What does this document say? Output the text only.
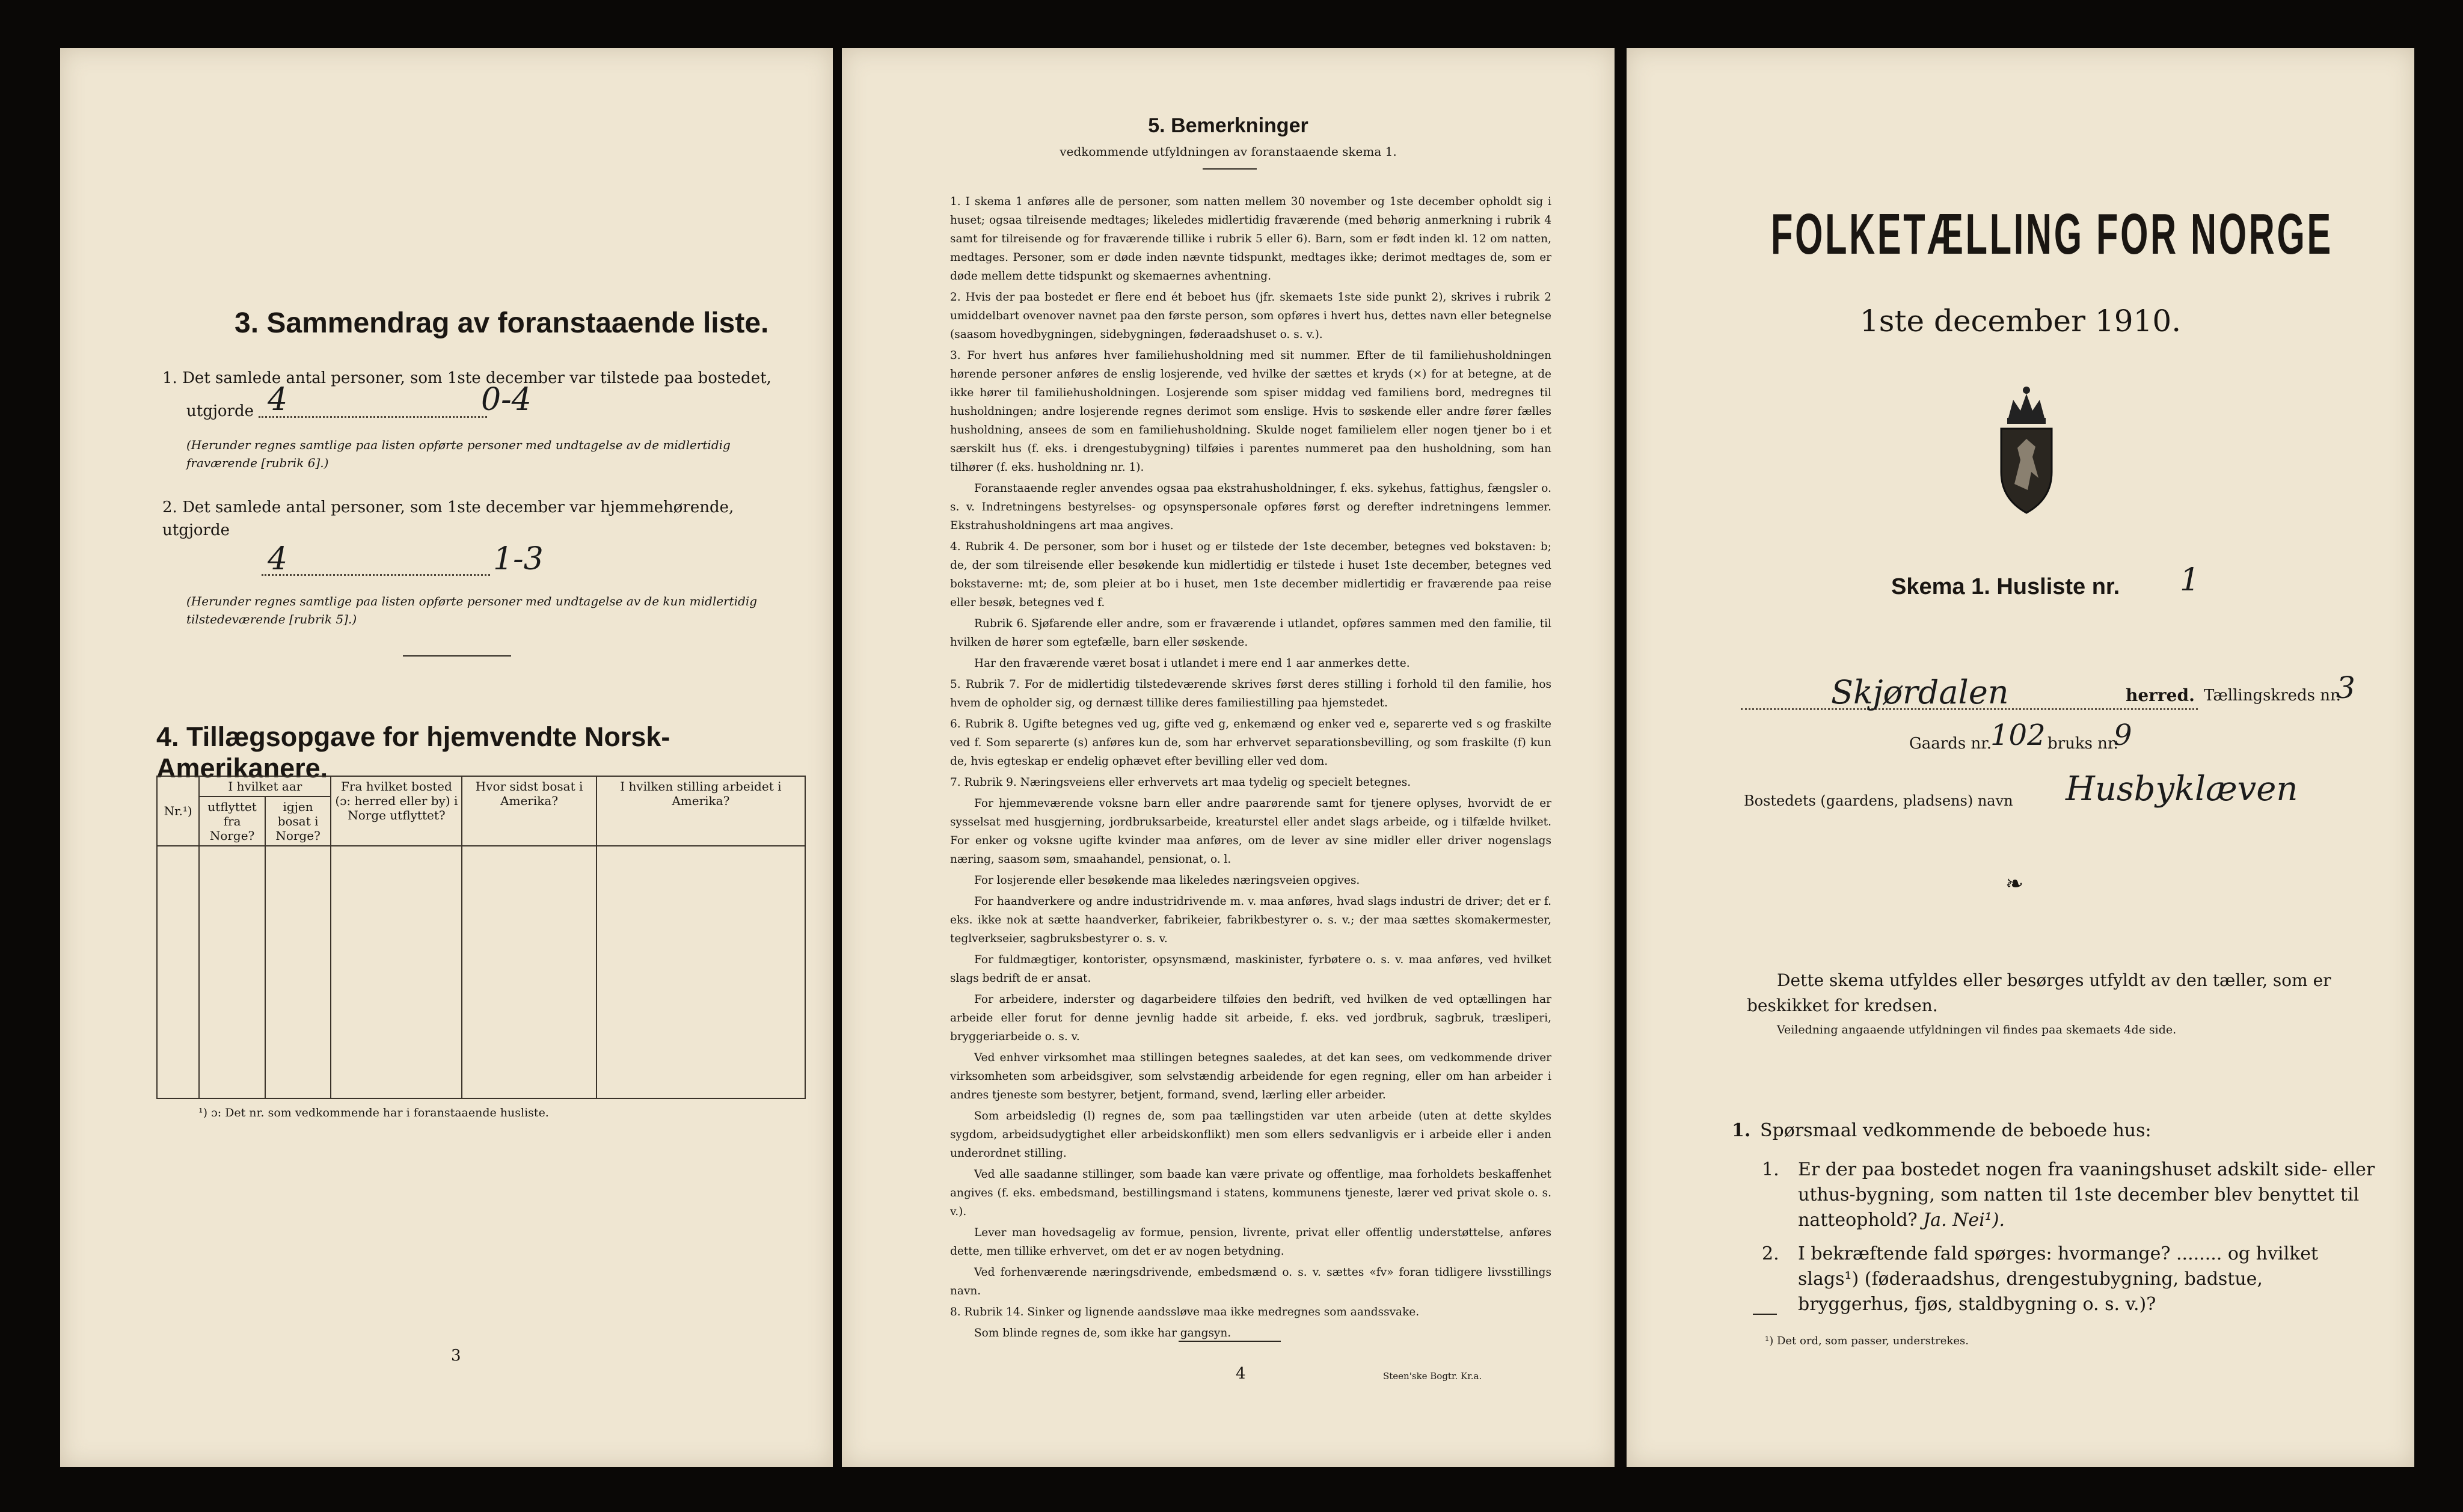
3. Sammendrag av foranstaaende liste.
1. Det samlede antal personer, som 1ste december var tilstede paa bostedet,
utgjorde 4	0-4
(Herunder regnes samtlige paa listen opførte personer med undtagelse av de midlertidig fraværende [rubrik 6].)
2. Det samlede antal personer, som 1ste december var hjemmehørende, utgjorde
4	1-3
(Herunder regnes samtlige paa listen opførte personer med undtagelse av de kun midlertidig tilstedeværende [rubrik 5].)
4. Tillægsopgave for hjemvendte Norsk-Amerikanere.
Nr.¹)	I hvilket aar		Fra hvilket bosted (ɔ: herred eller by) i Norge utflyttet?	Hvor sidst bosat i Amerika?	I hvilken stilling arbeidet i Amerika?
	utflyttet fra Norge?	igjen bosat i Norge?			

¹) ɔ: Det nr. som vedkommende har i foranstaaende husliste.
3
5. Bemerkninger
vedkommende utfyldningen av foranstaaende skema 1.
1. I skema 1 anføres alle de personer, som natten mellem 30 november og 1ste december opholdt sig i huset; ogsaa tilreisende medtages; likeledes midlertidig fraværende (med behørig anmerkning i rubrik 4 samt for tilreisende og for fraværende tillike i rubrik 5 eller 6). Barn, som er født inden kl. 12 om natten, medtages. Personer, som er døde inden nævnte tidspunkt, medtages ikke; derimot medtages de, som er døde mellem dette tidspunkt og skemaernes avhentning.
2. Hvis der paa bostedet er flere end ét beboet hus (jfr. skemaets 1ste side punkt 2), skrives i rubrik 2 umiddelbart ovenover navnet paa den første person, som opføres i hvert hus, dettes navn eller betegnelse (saasom hovedbygningen, sidebygningen, føderaadshuset o. s. v.).
3. For hvert hus anføres hver familiehusholdning med sit nummer. Efter de til familiehusholdningen hørende personer anføres de enslig losjerende, ved hvilke der sættes et kryds (×) for at betegne, at de ikke hører til familiehusholdningen. Losjerende som spiser middag ved familiens bord, medregnes til husholdningen; andre losjerende regnes derimot som enslige. Hvis to søskende eller andre fører fælles husholdning, ansees de som en familiehusholdning. Skulde noget familielem eller nogen tjener bo i et særskilt hus (f. eks. i drengestubygning) tilføies i parentes nummeret paa den husholdning, som han tilhører (f. eks. husholdning nr. 1).
Foranstaaende regler anvendes ogsaa paa ekstrahusholdninger, f. eks. sykehus, fattighus, fængsler o. s. v. Indretningens bestyrelses- og opsynspersonale opføres først og derefter indretningens lemmer. Ekstrahusholdningens art maa angives.
4. Rubrik 4. De personer, som bor i huset og er tilstede der 1ste december, betegnes ved bokstaven: b; de, der som tilreisende eller besøkende kun midlertidig er tilstede i huset 1ste december, betegnes ved bokstaverne: mt; de, som pleier at bo i huset, men 1ste december midlertidig er fraværende paa reise eller besøk, betegnes ved f.
Rubrik 6. Sjøfarende eller andre, som er fraværende i utlandet, opføres sammen med den familie, til hvilken de hører som egtefælle, barn eller søskende.
Har den fraværende været bosat i utlandet i mere end 1 aar anmerkes dette.
5. Rubrik 7. For de midlertidig tilstedeværende skrives først deres stilling i forhold til den familie, hos hvem de opholder sig, og dernæst tillike deres familiestilling paa hjemstedet.
6. Rubrik 8. Ugifte betegnes ved ug, gifte ved g, enkemænd og enker ved e, separerte ved s og fraskilte ved f. Som separerte (s) anføres kun de, som har erhvervet separationsbevilling, og som fraskilte (f) kun de, hvis egteskap er endelig ophævet efter bevilling eller ved dom.
7. Rubrik 9. Næringsveiens eller erhvervets art maa tydelig og specielt betegnes.
For hjemmeværende voksne barn eller andre paarørende samt for tjenere oplyses, hvorvidt de er sysselsat med husgjerning, jordbruksarbeide, kreaturstel eller andet slags arbeide, og i tilfælde hvilket. For enker og voksne ugifte kvinder maa anføres, om de lever av sine midler eller driver nogenslags næring, saasom søm, smaahandel, pensionat, o. l.
For losjerende eller besøkende maa likeledes næringsveien opgives.
For haandverkere og andre industridrivende m. v. maa anføres, hvad slags industri de driver; det er f. eks. ikke nok at sætte haandverker, fabrikeier, fabrikbestyrer o. s. v.; der maa sættes skomakermester, teglverkseier, sagbruksbestyrer o. s. v.
For fuldmægtiger, kontorister, opsynsmænd, maskinister, fyrbøtere o. s. v. maa anføres, ved hvilket slags bedrift de er ansat.
For arbeidere, inderster og dagarbeidere tilføies den bedrift, ved hvilken de ved optællingen har arbeide eller forut for denne jevnlig hadde sit arbeide, f. eks. ved jordbruk, sagbruk, træsliperi, bryggeriarbeide o. s. v.
Ved enhver virksomhet maa stillingen betegnes saaledes, at det kan sees, om vedkommende driver virksomheten som arbeidsgiver, som selvstændig arbeidende for egen regning, eller om han arbeider i andres tjeneste som bestyrer, betjent, formand, svend, lærling eller arbeider.
Som arbeidsledig (l) regnes de, som paa tællingstiden var uten arbeide (uten at dette skyldes sygdom, arbeidsudygtighet eller arbeidskonflikt) men som ellers sedvanligvis er i arbeide eller i anden underordnet stilling.
Ved alle saadanne stillinger, som baade kan være private og offentlige, maa forholdets beskaffenhet angives (f. eks. embedsmand, bestillingsmand i statens, kommunens tjeneste, lærer ved privat skole o. s. v.).
Lever man hovedsagelig av formue, pension, livrente, privat eller offentlig understøttelse, anføres dette, men tillike erhvervet, om det er av nogen betydning.
Ved forhenværende næringsdrivende, embedsmænd o. s. v. sættes «fv» foran tidligere livsstillings navn.
8. Rubrik 14. Sinker og lignende aandssløve maa ikke medregnes som aandssvake.
Som blinde regnes de, som ikke har gangsyn.
4	Steen'ske Bogtr. Kr.a.
FOLKETÆLLING FOR NORGE
1ste december 1910.
Skema 1. Husliste nr. 1
Skjørdalen	herred. Tællingskreds nr.
3
Gaards nr.
102 bruks nr.
9
Bostedets (gaardens, pladsens) navn Husbyklæven
❧
Dette skema utfyldes eller besørges utfyldt av den tæller, som er beskikket for kredsen.
Veiledning angaaende utfyldningen vil findes paa skemaets 4de side.
1. Spørsmaal vedkommende de beboede hus:
1. Er der paa bostedet nogen fra vaaningshuset adskilt side- eller uthus-bygning, som natten til 1ste december blev benyttet til natteophold? Ja. Nei¹).
2. I bekræftende fald spørges: hvormange? ........ og hvilket slags¹) (føderaadshus, drengestubygning, badstue, bryggerhus, fjøs, staldbygning o. s. v.)?
¹) Det ord, som passer, understrekes.
